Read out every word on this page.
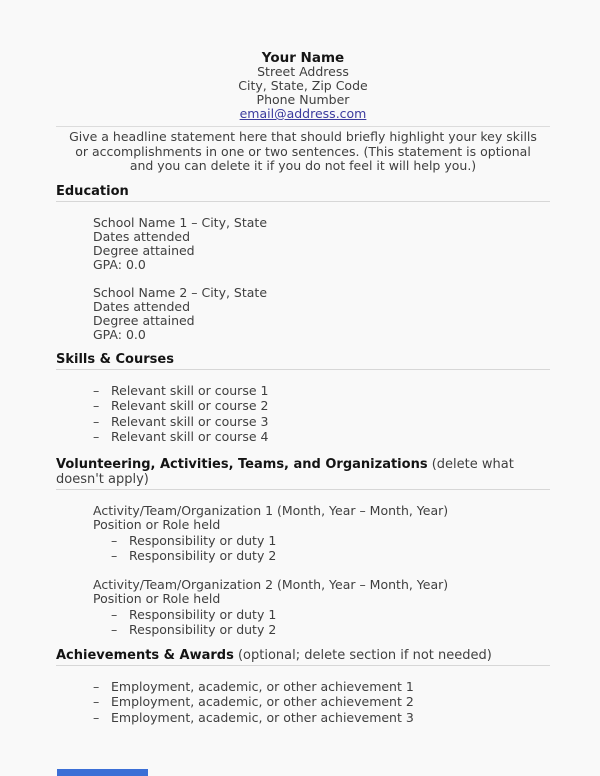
Your Name
Street Address
City, State, Zip Code
Phone Number
email@address.com

Give a headline statement here that should briefly highlight your key skills or accomplishments in one or two sentences. (This statement is optional and you can delete it if you do not feel it will help you.)

Education
School Name 1 – City, State
Dates attended
Degree attained
GPA: 0.0
School Name 2 – City, State
Dates attended
Degree attained
GPA: 0.0
Skills & Courses
– Relevant skill or course 1
– Relevant skill or course 2
– Relevant skill or course 3
– Relevant skill or course 4
Volunteering, Activities, Teams, and Organizations (delete what doesn't apply)
Activity/Team/Organization 1 (Month, Year – Month, Year)
Position or Role held
– Responsibility or duty 1
– Responsibility or duty 2
Activity/Team/Organization 2 (Month, Year – Month, Year)
Position or Role held
– Responsibility or duty 1
– Responsibility or duty 2
Achievements & Awards (optional; delete section if not needed)
– Employment, academic, or other achievement 1
– Employment, academic, or other achievement 2
– Employment, academic, or other achievement 3
